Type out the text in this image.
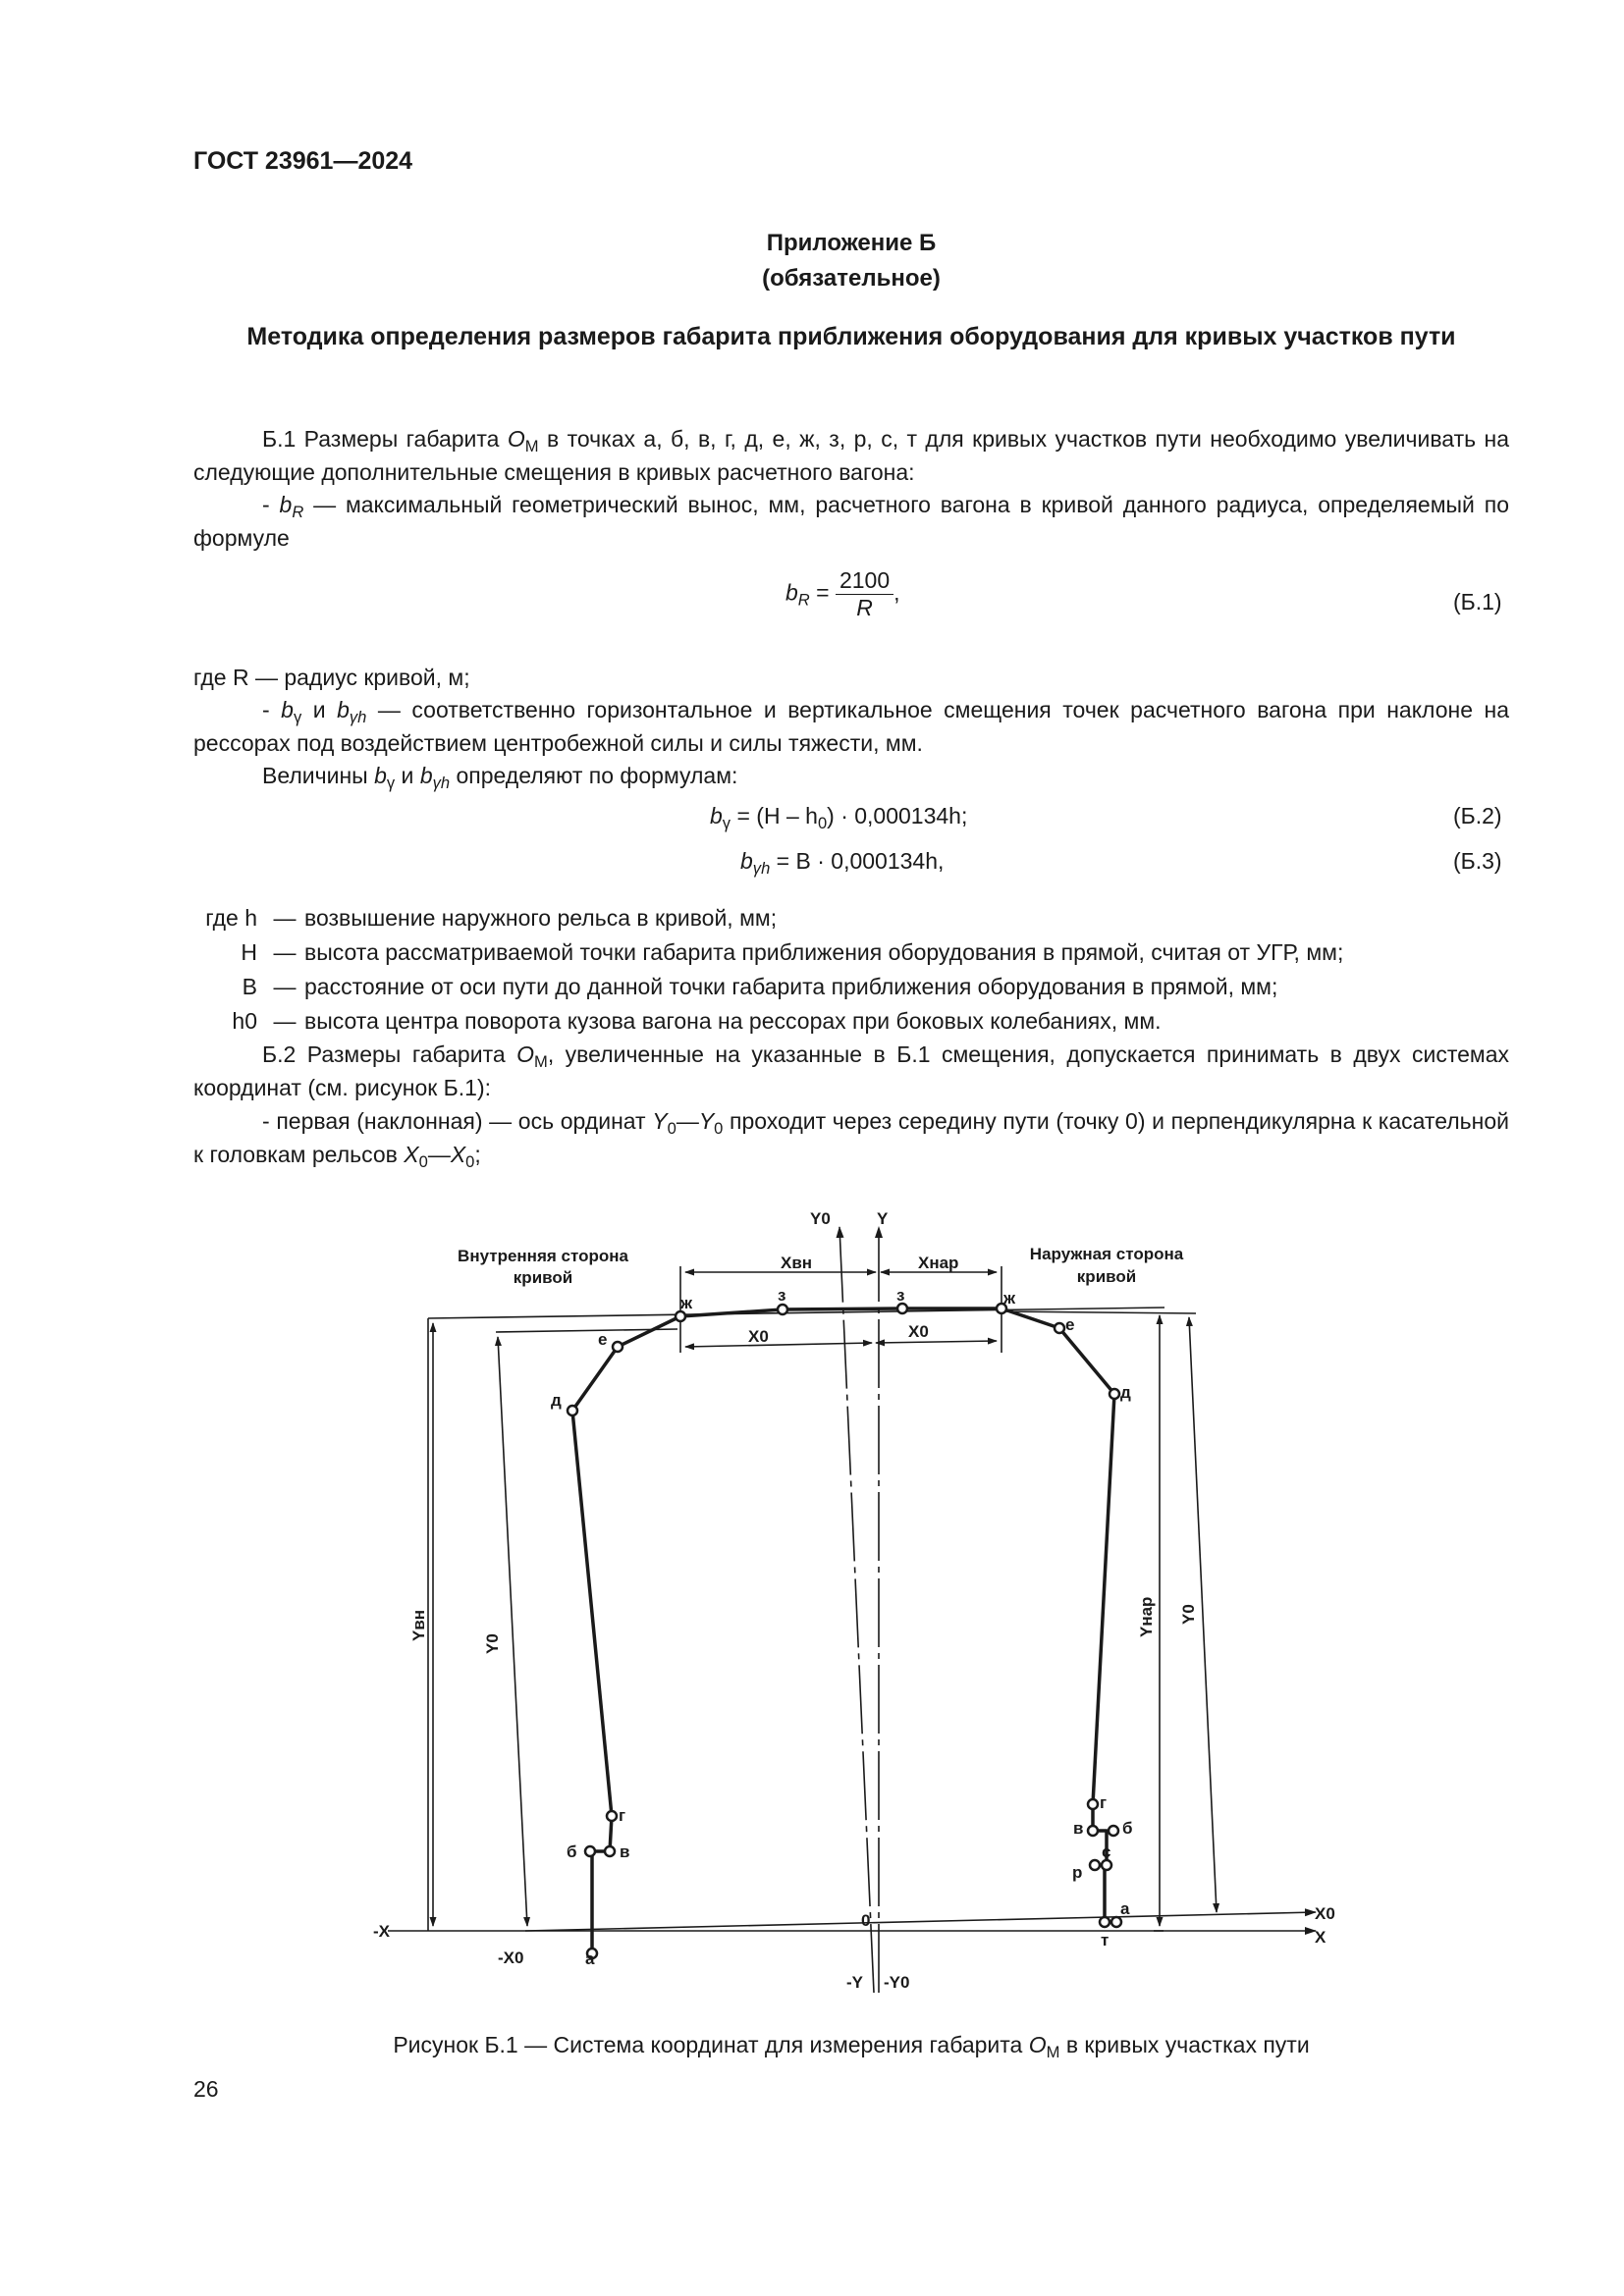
ГОСТ 23961—2024
Приложение Б
(обязательное)
Методика определения размеров габарита приближения оборудования для кривых участков пути
Б.1 Размеры габарита $O_М$ в точках а, б, в, г, д, е, ж, з, р, с, т для кривых участков пути необходимо увеличивать на следующие дополнительные смещения в кривых расчетного вагона:
- $b_R$ — максимальный геометрический вынос, мм, расчетного вагона в кривой данного радиуса, определяемый по формуле
$b_R = \frac{2100}{R}$ ,	(Б.1)
где R — радиус кривой, м;
- $b_\gamma$ и $b_{\gamma h}$ — соответственно горизонтальное и вертикальное смещения точек расчетного вагона при наклоне на рессорах под воздействием центробежной силы и силы тяжести, мм.
Величины $b_\gamma$ и $b_{\gamma h}$ определяют по формулам:
$b_\gamma = (H - h_0) \cdot 0,000134h$;	(Б.2)
$b_{\gamma h} = B \cdot 0,000134h$,	(Б.3)
где h — возвышение наружного рельса в кривой, мм;
H — высота рассматриваемой точки габарита приближения оборудования в прямой, считая от УГР, мм;
B — расстояние от оси пути до данной точки габарита приближения оборудования в прямой, мм;
h0 — высота центра поворота кузова вагона на рессорах при боковых колебаниях, мм.
Б.2 Размеры габарита $O_М$, увеличенные на указанные в Б.1 смещения, допускается принимать в двух системах координат (см. рисунок Б.1):
- первая (наклонная) — ось ординат $Y_0—Y_0$ проходит через середину пути (точку 0) и перпендикулярна к касательной к головкам рельсов $X_0—X_0$;
Внутренняя сторона
кривой
Наружная сторона
кривой
Y0	Y
Xвн	Xнар
X0	X0
Yвн
Y0
Yнар Y0
-X
-X0
X0
X
0
-Y -Y0
а
б	в
г
д
е
ж	з
а
т
р
с
б
в
г
д
е
ж
з
Рисунок Б.1 — Система координат для измерения габарита $O_М$ в кривых участках пути
26
